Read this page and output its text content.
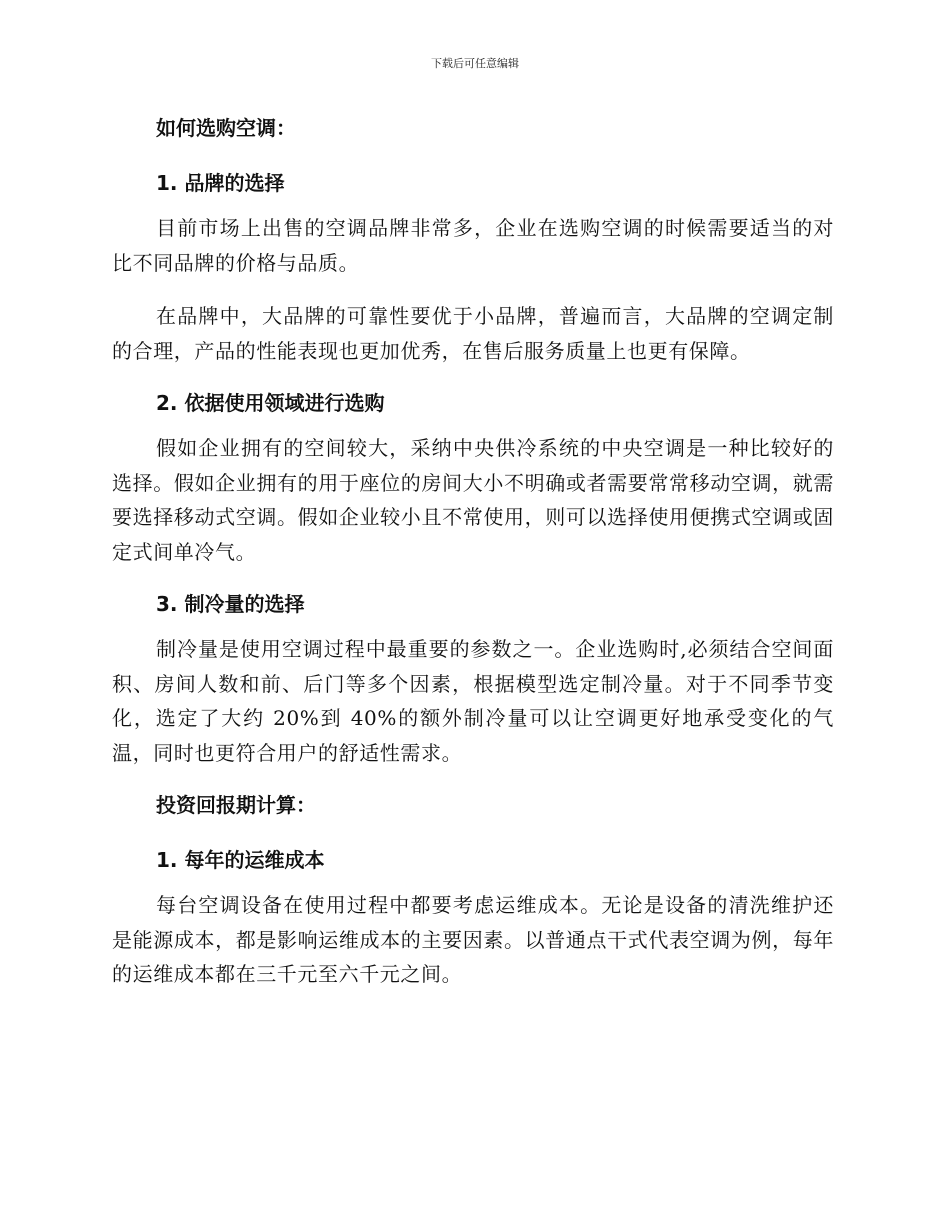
下载后可任意编辑
如何选购空调：
1. 品牌的选择

目前市场上出售的空调品牌非常多，企业在选购空调的时候需要适当的对比不同品牌的价格与品质。

在品牌中，大品牌的可靠性要优于小品牌，普遍而言，大品牌的空调定制的合理，产品的性能表现也更加优秀，在售后服务质量上也更有保障。

2. 依据使用领域进行选购

假如企业拥有的空间较大，采纳中央供冷系统的中央空调是一种比较好的选择。假如企业拥有的用于座位的房间大小不明确或者需要常常移动空调，就需要选择移动式空调。假如企业较小且不常使用，则可以选择使用便携式空调或固定式间单冷气。

3. 制冷量的选择

制冷量是使用空调过程中最重要的参数之一。企业选购时,必须结合空间面积、房间人数和前、后门等多个因素，根据模型选定制冷量。对于不同季节变化，选定了大约 20%到 40%的额外制冷量可以让空调更好地承受变化的气温，同时也更符合用户的舒适性需求。

投资回报期计算：
1. 每年的运维成本

每台空调设备在使用过程中都要考虑运维成本。无论是设备的清洗维护还是能源成本，都是影响运维成本的主要因素。以普通点干式代表空调为例，每年的运维成本都在三千元至六千元之间。
